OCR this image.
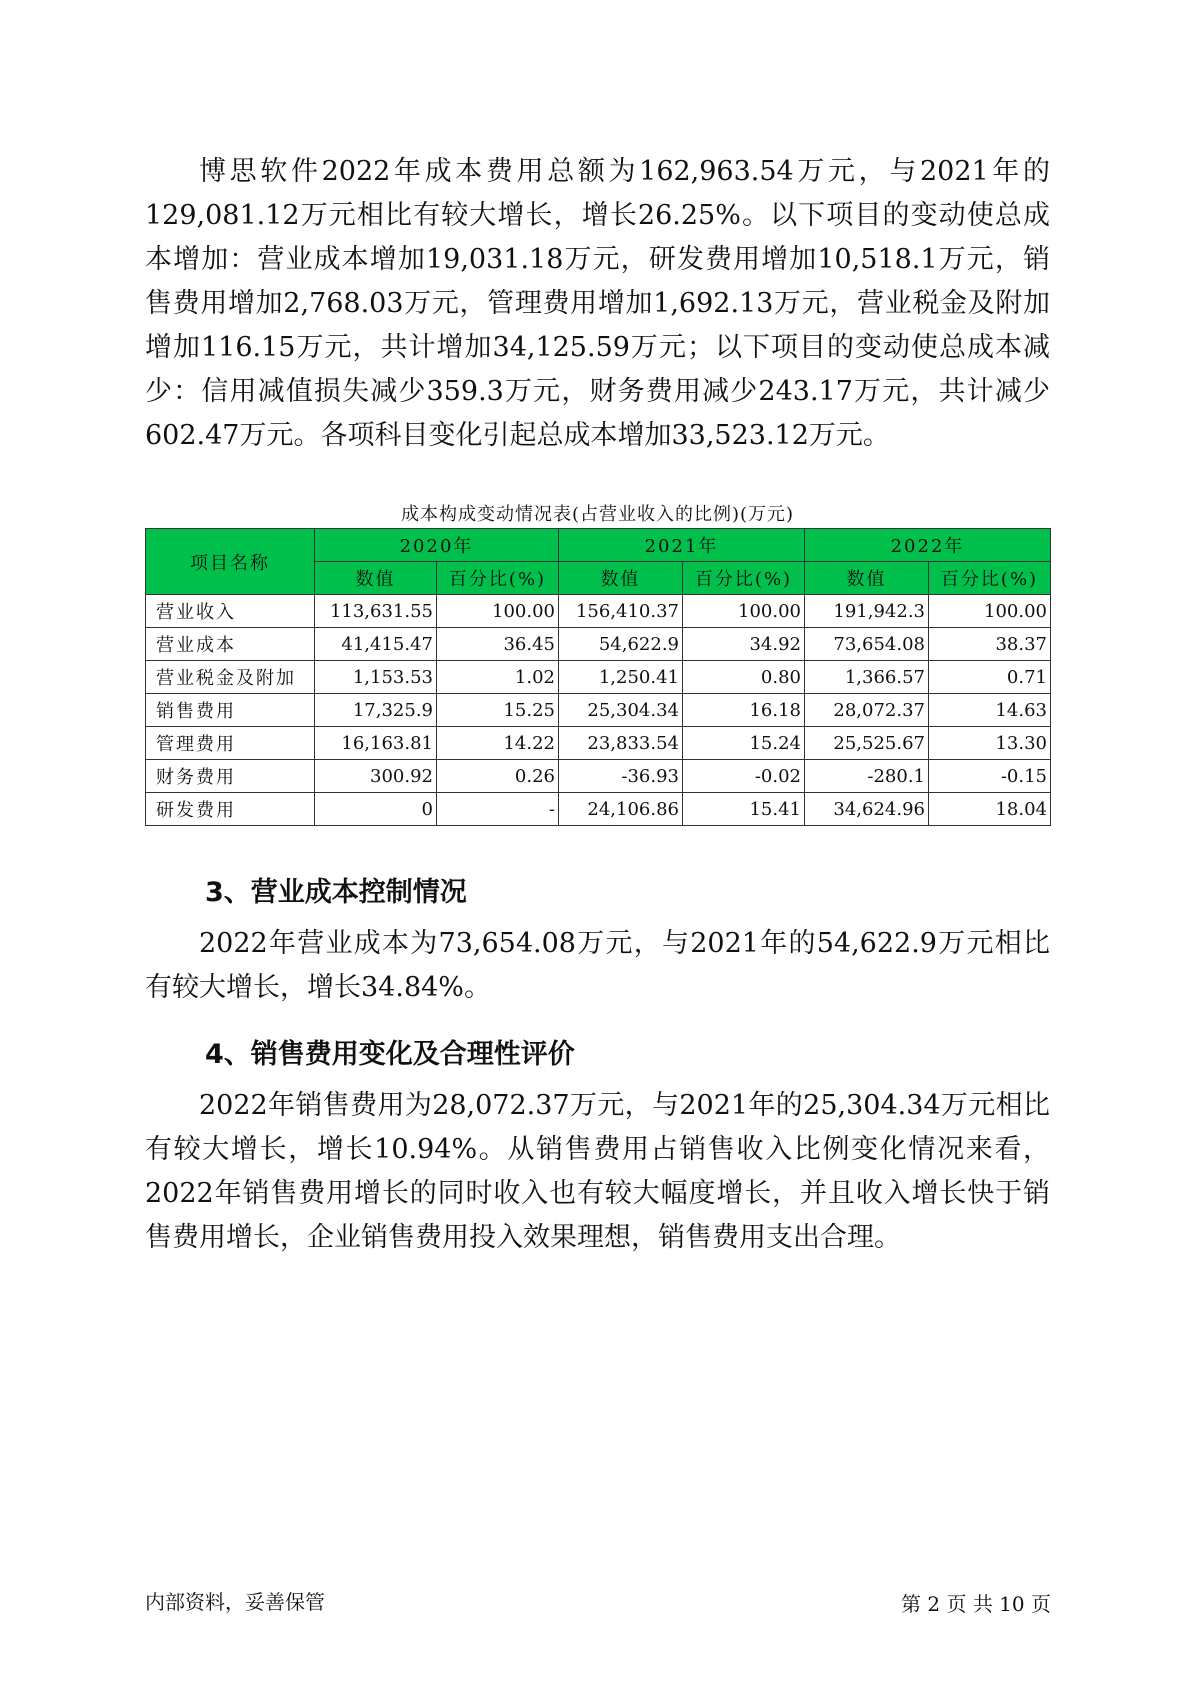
博思软件2022年成本费用总额为162,963.54万元，与2021年的129,081.12万元相比有较大增长，增长26.25%。以下项目的变动使总成本增加：营业成本增加19,031.18万元，研发费用增加10,518.1万元，销售费用增加2,768.03万元，管理费用增加1,692.13万元，营业税金及附加增加116.15万元，共计增加34,125.59万元；以下项目的变动使总成本减少：信用减值损失减少359.3万元，财务费用减少243.17万元，共计减少602.47万元。各项科目变化引起总成本增加33,523.12万元。

成本构成变动情况表(占营业收入的比例)(万元)
项目名称	2020年		2021年		2022年	
	数值	百分比(%)	数值	百分比(%)	数值	百分比(%)
营业收入	113,631.55	100.00	156,410.37	100.00	191,942.3	100.00
营业成本	41,415.47	36.45	54,622.9	34.92	73,654.08	38.37
营业税金及附加	1,153.53	1.02	1,250.41	0.80	1,366.57	0.71
销售费用	17,325.9	15.25	25,304.34	16.18	28,072.37	14.63
管理费用	16,163.81	14.22	23,833.54	15.24	25,525.67	13.30
财务费用	300.92	0.26	-36.93	-0.02	-280.1	-0.15
研发费用	0	-	24,106.86	15.41	34,624.96	18.04
3、营业成本控制情况

2022年营业成本为73,654.08万元，与2021年的54,622.9万元相比有较大增长，增长34.84%。

4、销售费用变化及合理性评价

2022年销售费用为28,072.37万元，与2021年的25,304.34万元相比有较大增长，增长10.94%。从销售费用占销售收入比例变化情况来看，2022年销售费用增长的同时收入也有较大幅度增长，并且收入增长快于销售费用增长，企业销售费用投入效果理想，销售费用支出合理。

内部资料，妥善保管	第 2 页 共 10 页
